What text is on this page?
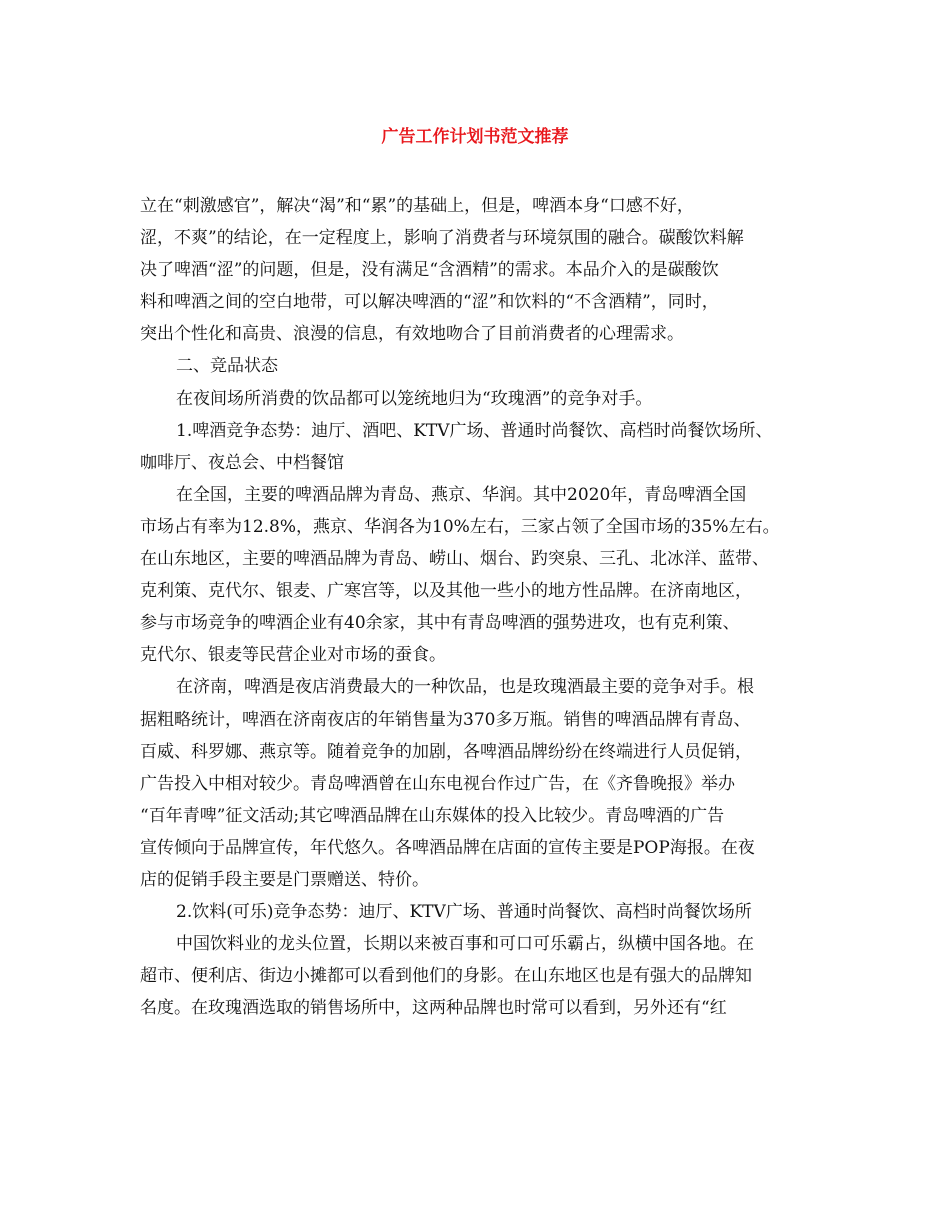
广告工作计划书范文推荐
立在“刺激感官”，解决“渴”和“累”的基础上，但是，啤酒本身“口感不好，
涩，不爽”的结论，在一定程度上，影响了消费者与环境氛围的融合。碳酸饮料解
决了啤酒“涩”的问题，但是，没有满足“含酒精”的需求。本品介入的是碳酸饮
料和啤酒之间的空白地带，可以解决啤酒的“涩”和饮料的“不含酒精”，同时，
突出个性化和高贵、浪漫的信息，有效地吻合了目前消费者的心理需求。
二、竞品状态
在夜间场所消费的饮品都可以笼统地归为“玫瑰酒”的竞争对手。
1.啤酒竞争态势：迪厅、酒吧、KTV广场、普通时尚餐饮、高档时尚餐饮场所、
咖啡厅、夜总会、中档餐馆
在全国，主要的啤酒品牌为青岛、燕京、华润。其中2020年，青岛啤酒全国
市场占有率为12.8%，燕京、华润各为10%左右，三家占领了全国市场的35%左右。
在山东地区，主要的啤酒品牌为青岛、崂山、烟台、趵突泉、三孔、北冰洋、蓝带、
克利策、克代尔、银麦、广寒宫等，以及其他一些小的地方性品牌。在济南地区，
参与市场竞争的啤酒企业有40余家，其中有青岛啤酒的强势进攻，也有克利策、
克代尔、银麦等民营企业对市场的蚕食。
在济南，啤酒是夜店消费最大的一种饮品，也是玫瑰酒最主要的竞争对手。根
据粗略统计，啤酒在济南夜店的年销售量为370多万瓶。销售的啤酒品牌有青岛、
百威、科罗娜、燕京等。随着竞争的加剧，各啤酒品牌纷纷在终端进行人员促销，
广告投入中相对较少。青岛啤酒曾在山东电视台作过广告，在《齐鲁晚报》举办
“百年青啤”征文活动;其它啤酒品牌在山东媒体的投入比较少。青岛啤酒的广告
宣传倾向于品牌宣传，年代悠久。各啤酒品牌在店面的宣传主要是POP海报。在夜
店的促销手段主要是门票赠送、特价。
2.饮料(可乐)竞争态势：迪厅、KTV广场、普通时尚餐饮、高档时尚餐饮场所
中国饮料业的龙头位置，长期以来被百事和可口可乐霸占，纵横中国各地。在
超市、便利店、街边小摊都可以看到他们的身影。在山东地区也是有强大的品牌知
名度。在玫瑰酒选取的销售场所中，这两种品牌也时常可以看到，另外还有“红
